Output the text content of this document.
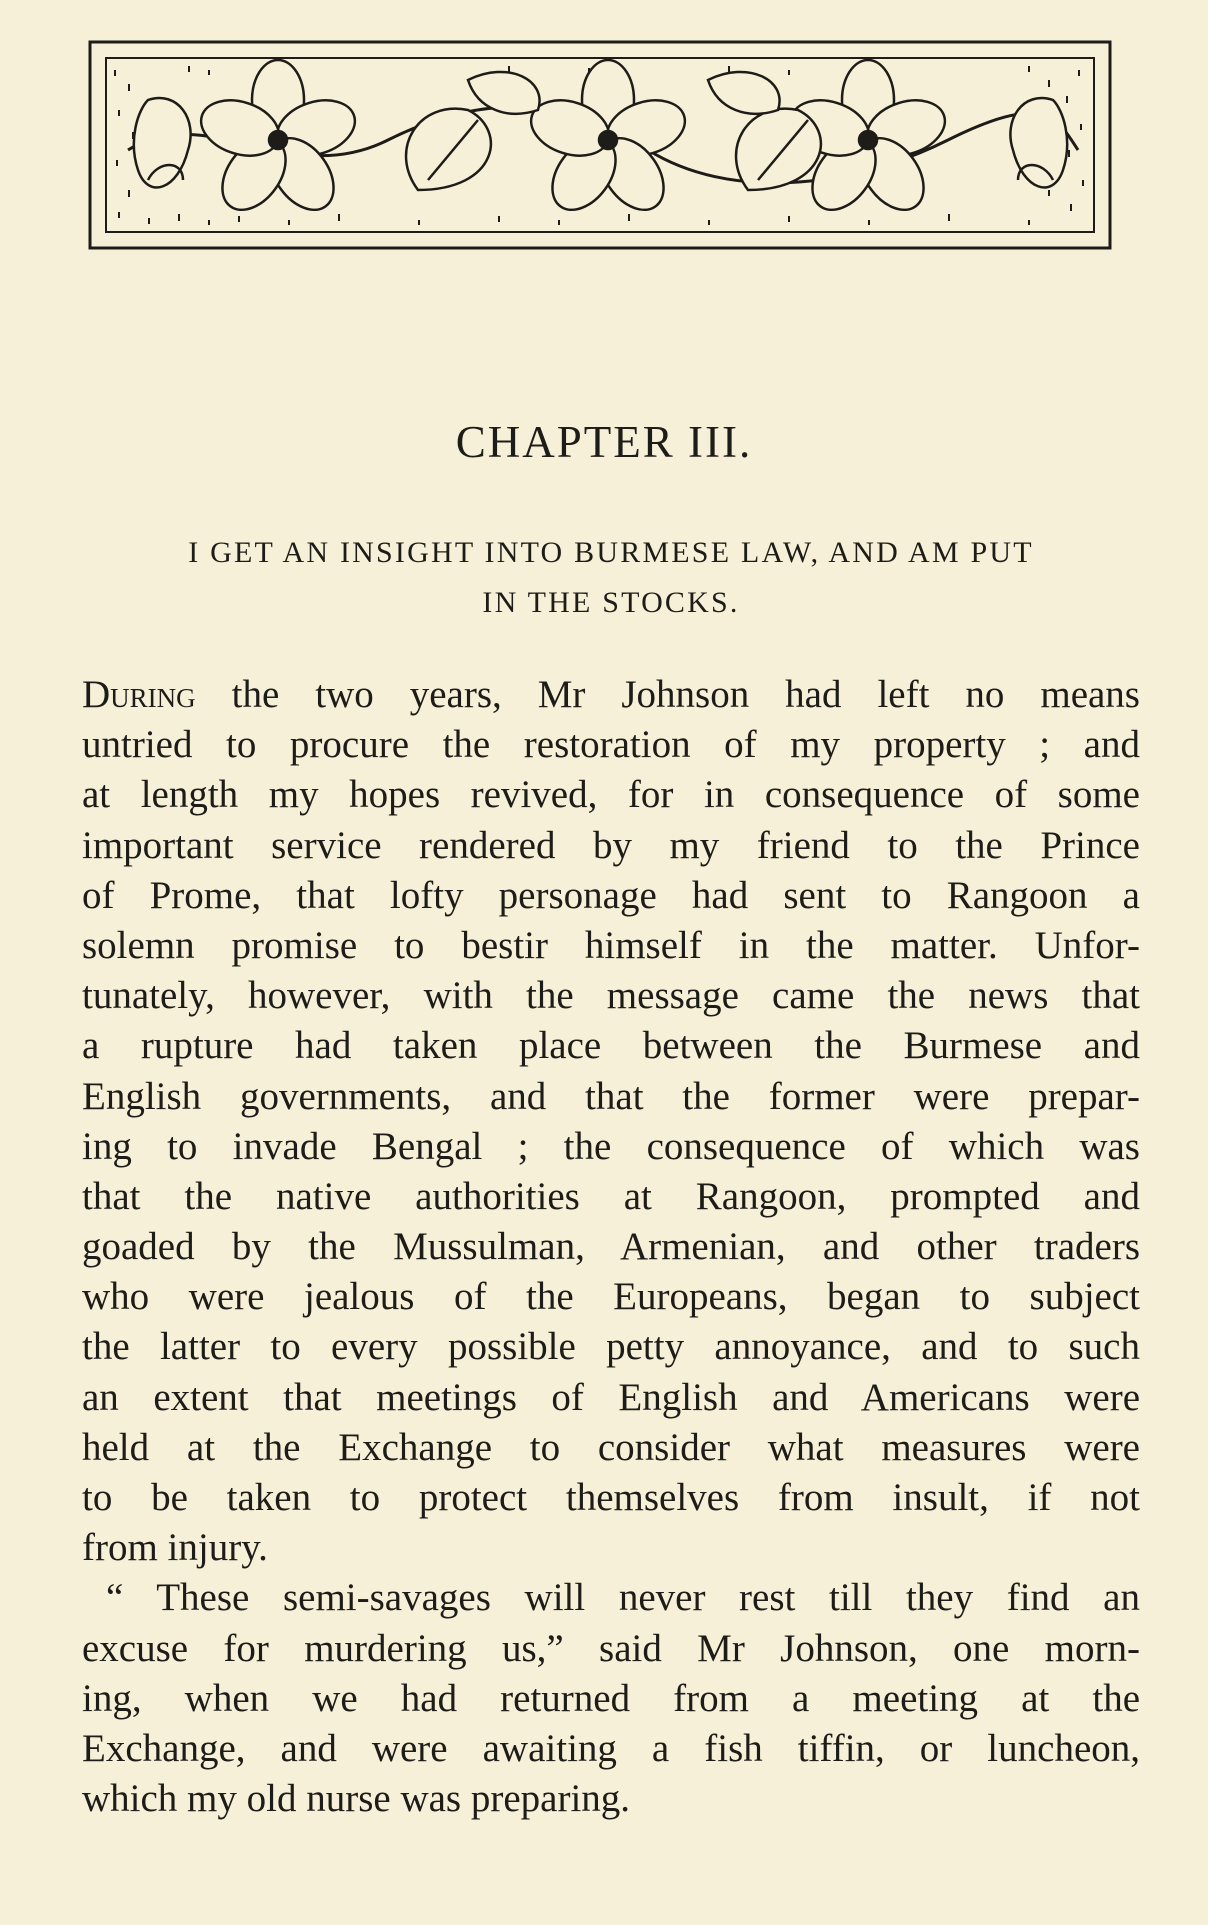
CHAPTER III.
I GET AN INSIGHT INTO BURMESE LAW, AND AM PUT
IN THE STOCKS.
During the two years, Mr Johnson had left no means
untried to procure the restoration of my property ; and
at length my hopes revived, for in consequence of some
important service rendered by my friend to the Prince
of Prome, that lofty personage had sent to Rangoon a
solemn promise to bestir himself in the matter. Unfor-
tunately, however, with the message came the news that
a rupture had taken place between the Burmese and
English governments, and that the former were prepar-
ing to invade Bengal ; the consequence of which was
that the native authorities at Rangoon, prompted and
goaded by the Mussulman, Armenian, and other traders
who were jealous of the Europeans, began to subject
the latter to every possible petty annoyance, and to such
an extent that meetings of English and Americans were
held at the Exchange to consider what measures were
to be taken to protect themselves from insult, if not
from injury.
“ These semi-savages will never rest till they find an
excuse for murdering us,” said Mr Johnson, one morn-
ing, when we had returned from a meeting at the
Exchange, and were awaiting a fish tiffin, or luncheon,
which my old nurse was preparing.
